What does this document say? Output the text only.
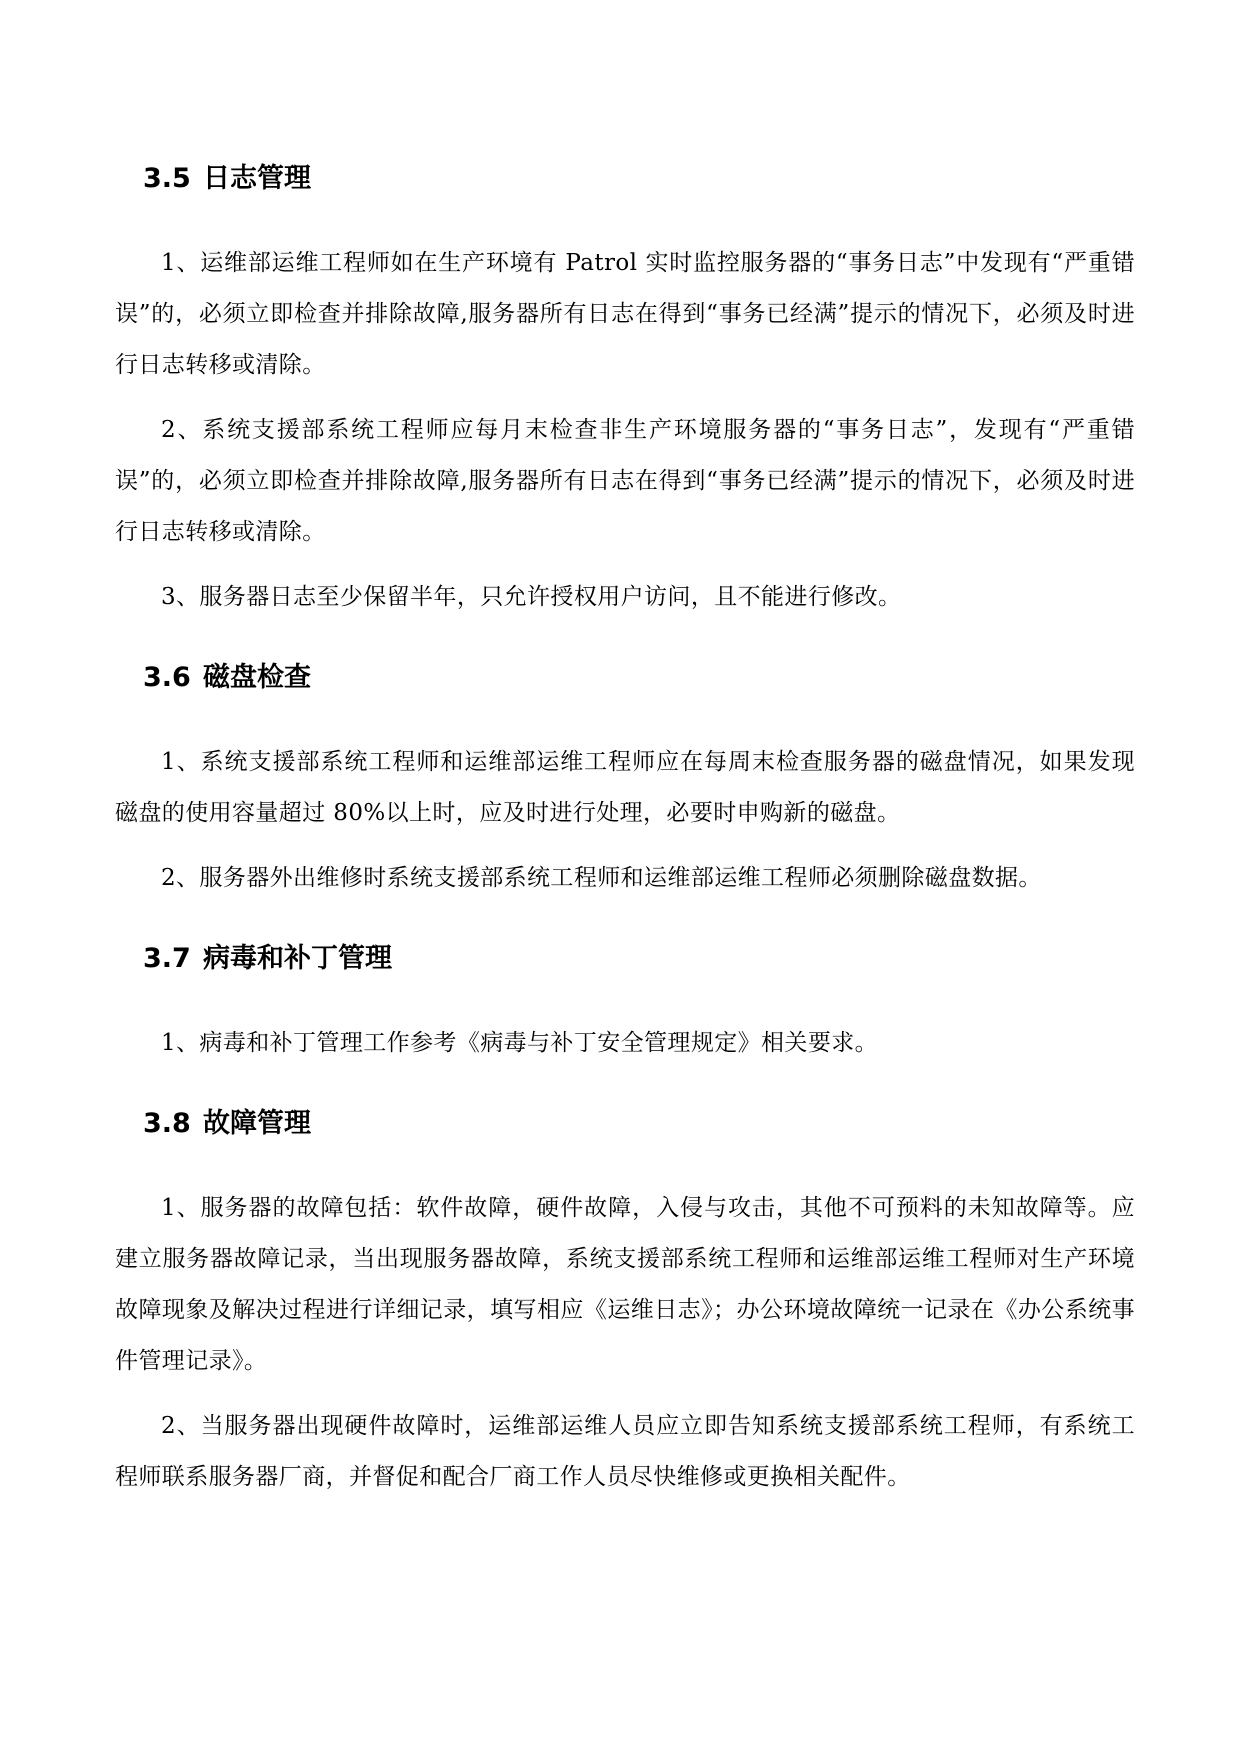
3.5 日志管理

1、运维部运维工程师如在生产环境有 Patrol 实时监控服务器的“事务日志”中发现有“严重错误”的，必须立即检查并排除故障,服务器所有日志在得到“事务已经满”提示的情况下，必须及时进行日志转移或清除。

2、系统支援部系统工程师应每月末检查非生产环境服务器的“事务日志”，发现有“严重错误”的，必须立即检查并排除故障,服务器所有日志在得到“事务已经满”提示的情况下，必须及时进行日志转移或清除。

3、服务器日志至少保留半年，只允许授权用户访问，且不能进行修改。

3.6 磁盘检查

1、系统支援部系统工程师和运维部运维工程师应在每周末检查服务器的磁盘情况，如果发现磁盘的使用容量超过 80%以上时，应及时进行处理，必要时申购新的磁盘。

2、服务器外出维修时系统支援部系统工程师和运维部运维工程师必须删除磁盘数据。

3.7 病毒和补丁管理

1、病毒和补丁管理工作参考《病毒与补丁安全管理规定》相关要求。

3.8 故障管理

1、服务器的故障包括：软件故障，硬件故障，入侵与攻击，其他不可预料的未知故障等。应建立服务器故障记录，当出现服务器故障，系统支援部系统工程师和运维部运维工程师对生产环境故障现象及解决过程进行详细记录，填写相应《运维日志》；办公环境故障统一记录在《办公系统事件管理记录》。

2、当服务器出现硬件故障时，运维部运维人员应立即告知系统支援部系统工程师，有系统工程师联系服务器厂商，并督促和配合厂商工作人员尽快维修或更换相关配件。
